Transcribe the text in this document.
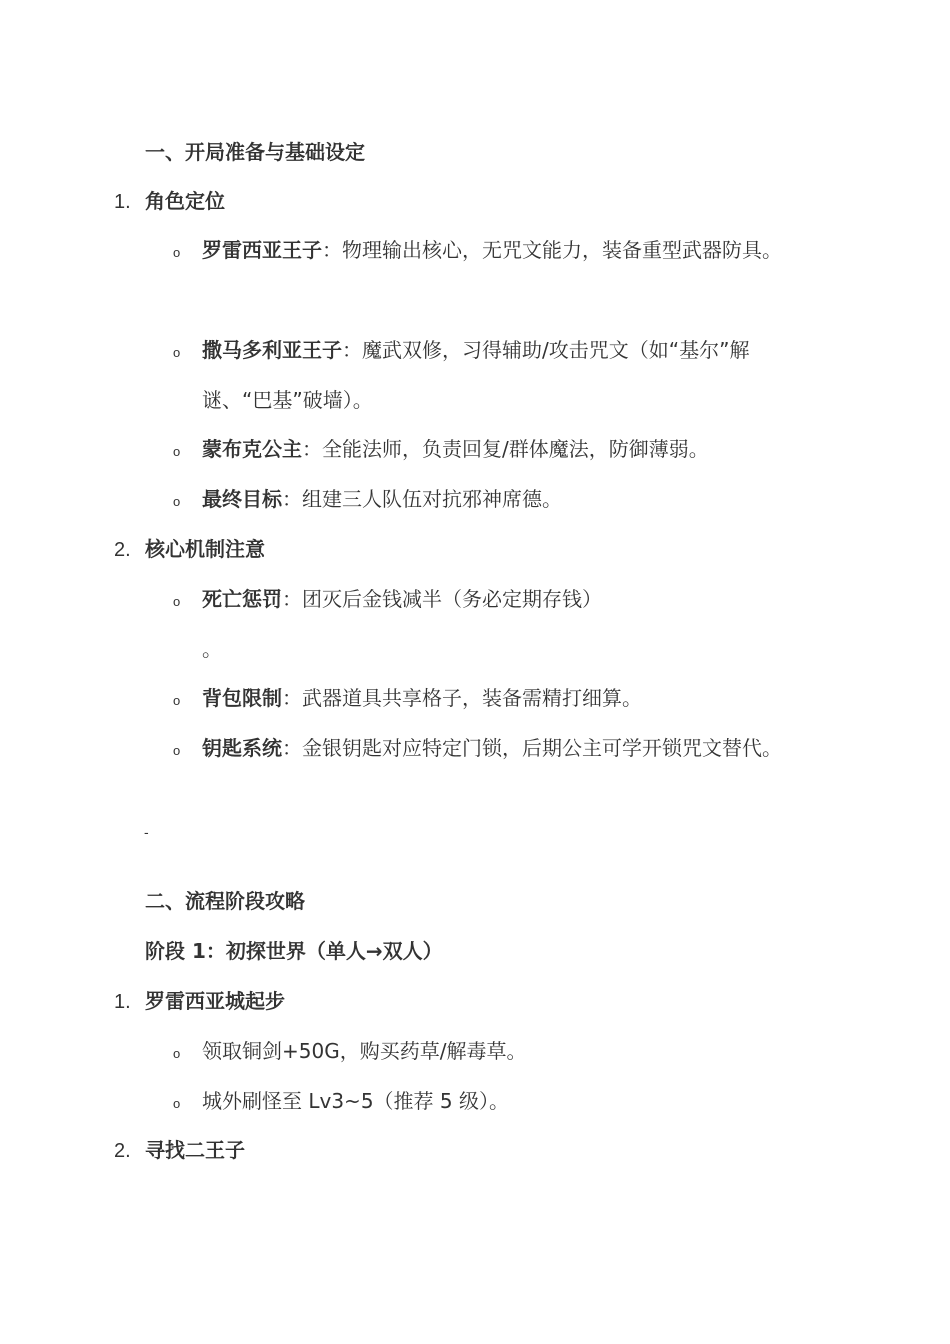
一、开局准备与基础设定
1. 角色定位
o 罗雷西亚王子：物理输出核心，无咒文能力，装备重型武器防具。
o 撒马多利亚王子：魔武双修，习得辅助/攻击咒文（如“基尔”解谜、“巴基”破墙）。
o 蒙布克公主：全能法师，负责回复/群体魔法，防御薄弱。
o 最终目标：组建三人队伍对抗邪神席德。
2. 核心机制注意
o 死亡惩罚：团灭后金钱减半（务必定期存钱）
。
o 背包限制：武器道具共享格子，装备需精打细算。
o 钥匙系统：金银钥匙对应特定门锁，后期公主可学开锁咒文替代。
-
二、流程阶段攻略
阶段 1：初探世界（单人→双人）
1. 罗雷西亚城起步
o 领取铜剑+50G，购买药草/解毒草。
o 城外刷怪至 Lv3~5（推荐 5 级）。
2. 寻找二王子
